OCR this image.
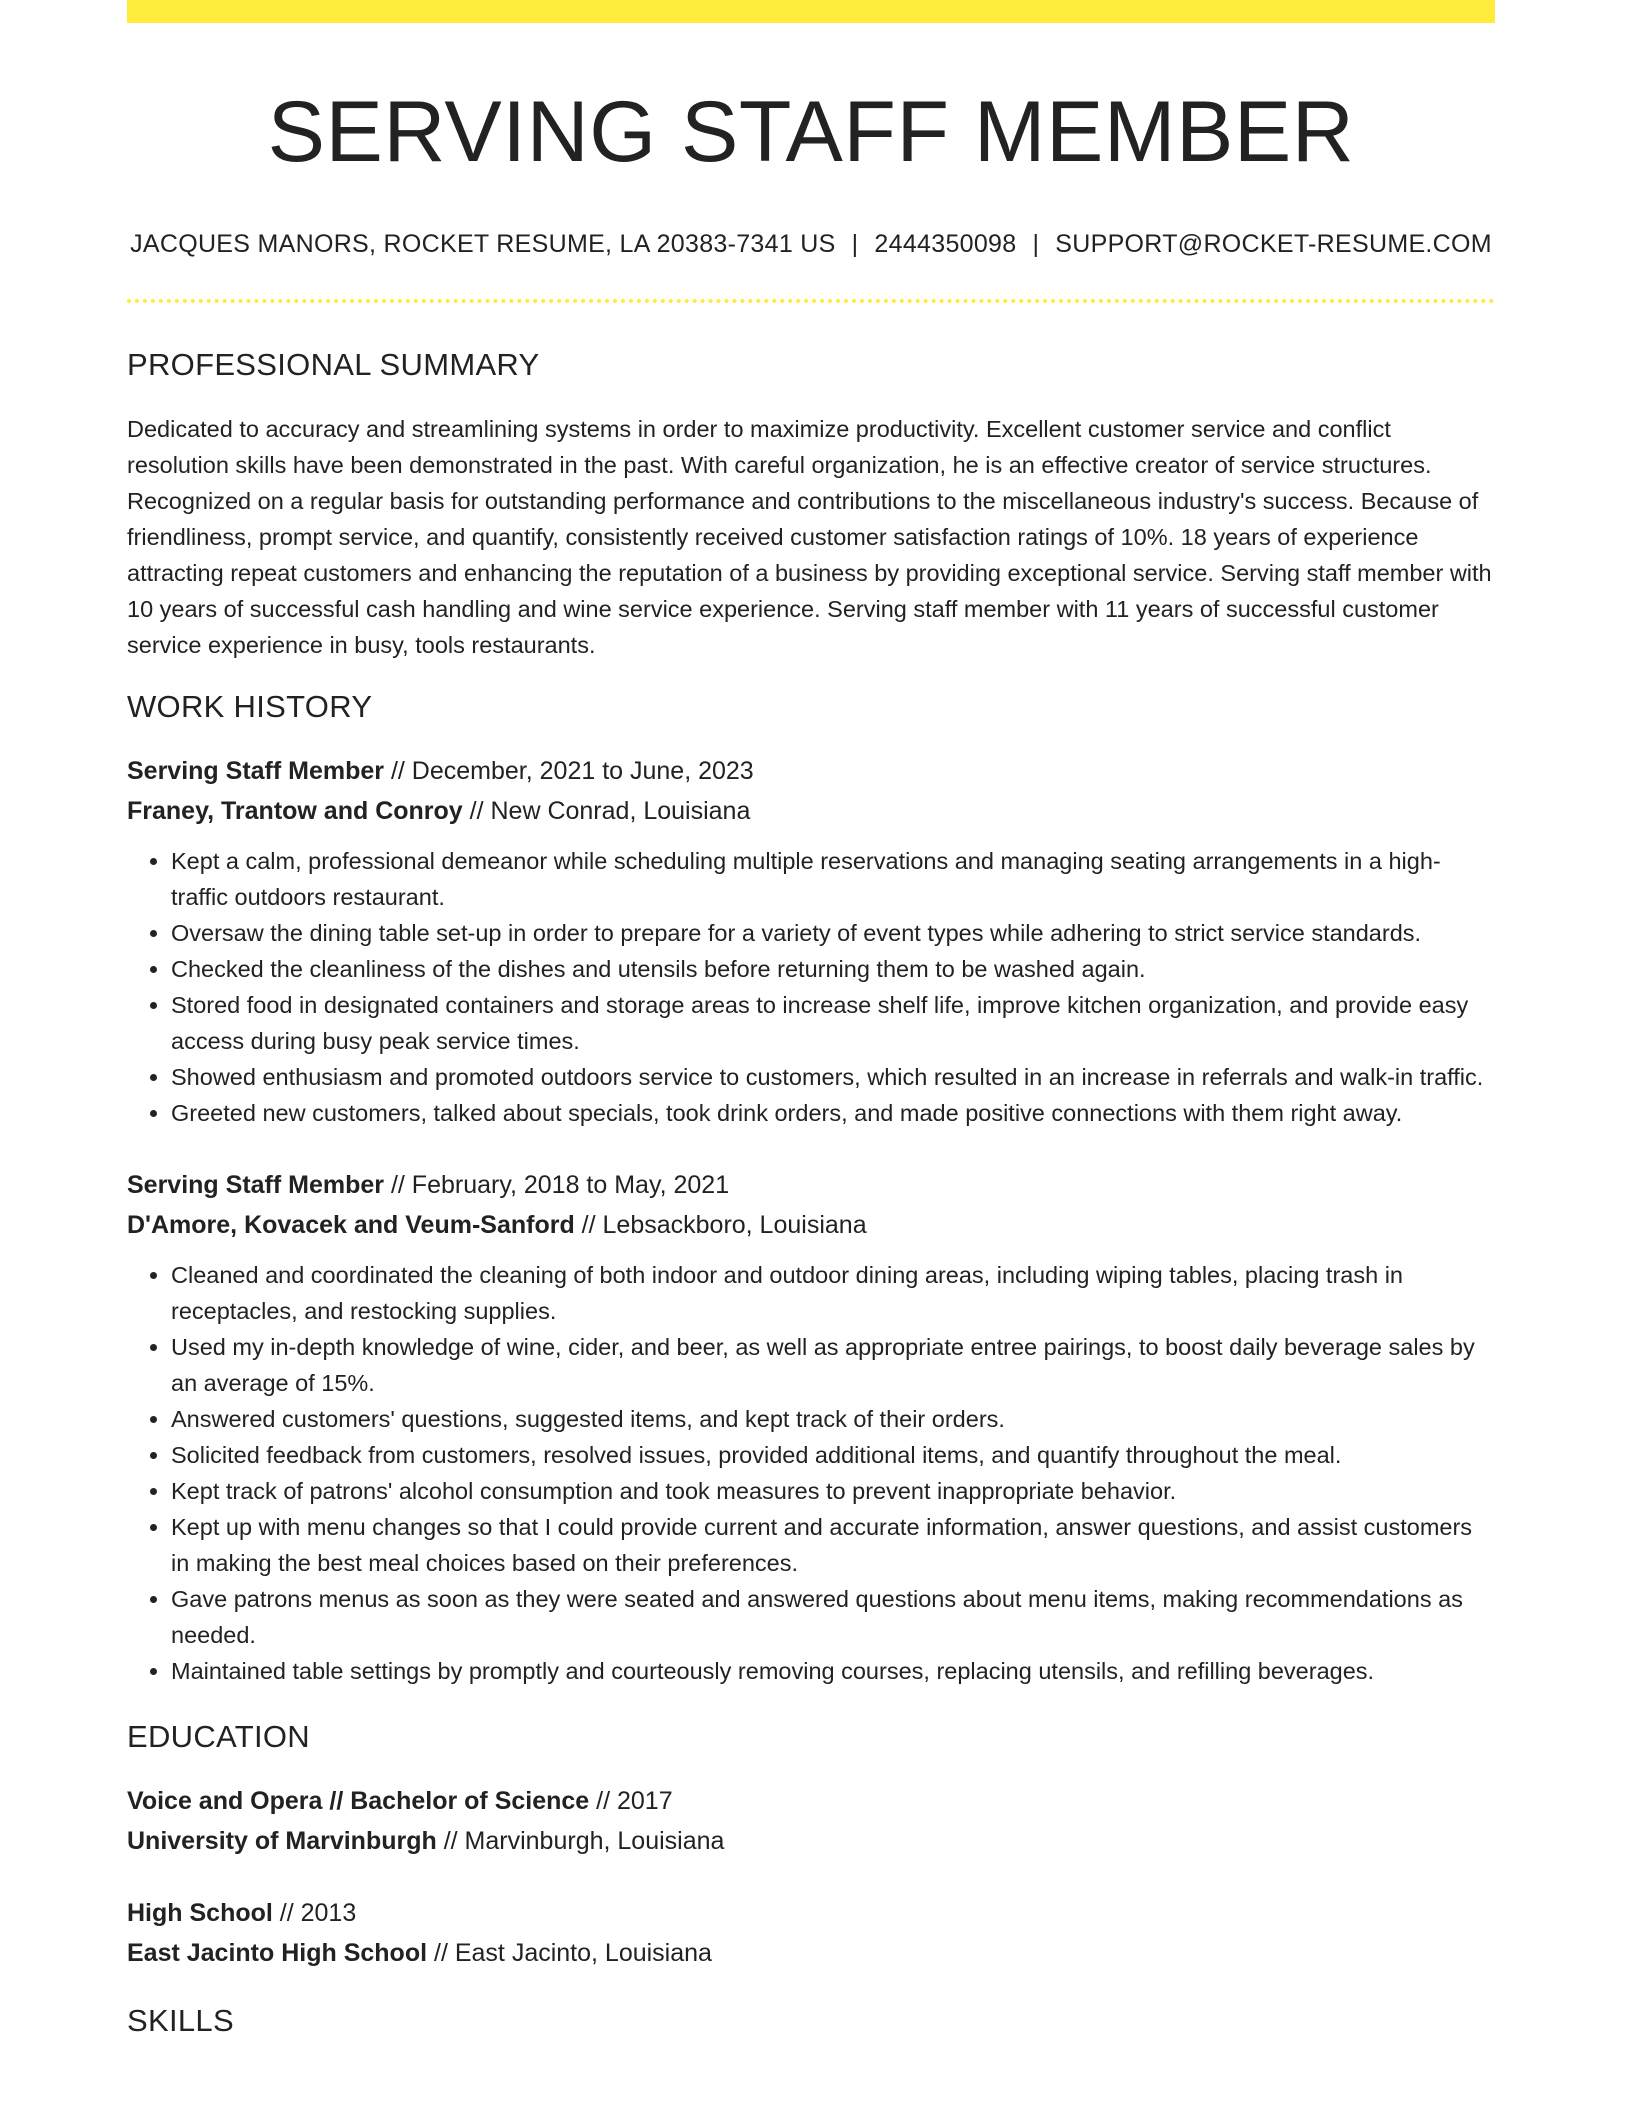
SERVING STAFF MEMBER
JACQUES MANORS, ROCKET RESUME, LA 20383-7341 US | 2444350098 | SUPPORT@ROCKET-RESUME.COM
PROFESSIONAL SUMMARY

Dedicated to accuracy and streamlining systems in order to maximize productivity. Excellent customer service and conflict resolution skills have been demonstrated in the past. With careful organization, he is an effective creator of service structures. Recognized on a regular basis for outstanding performance and contributions to the miscellaneous industry's success. Because of friendliness, prompt service, and quantify, consistently received customer satisfaction ratings of 10%. 18 years of experience attracting repeat customers and enhancing the reputation of a business by providing exceptional service. Serving staff member with 10 years of successful cash handling and wine service experience. Serving staff member with 11 years of successful customer service experience in busy, tools restaurants.

WORK HISTORY
Serving Staff Member // December, 2021 to June, 2023
Franey, Trantow and Conroy // New Conrad, Louisiana
• Kept a calm, professional demeanor while scheduling multiple reservations and managing seating arrangements in a high-traffic outdoors restaurant.
• Oversaw the dining table set-up in order to prepare for a variety of event types while adhering to strict service standards.
• Checked the cleanliness of the dishes and utensils before returning them to be washed again.
• Stored food in designated containers and storage areas to increase shelf life, improve kitchen organization, and provide easy access during busy peak service times.
• Showed enthusiasm and promoted outdoors service to customers, which resulted in an increase in referrals and walk-in traffic.
• Greeted new customers, talked about specials, took drink orders, and made positive connections with them right away.
Serving Staff Member // February, 2018 to May, 2021
D'Amore, Kovacek and Veum-Sanford // Lebsackboro, Louisiana
• Cleaned and coordinated the cleaning of both indoor and outdoor dining areas, including wiping tables, placing trash in receptacles, and restocking supplies.
• Used my in-depth knowledge of wine, cider, and beer, as well as appropriate entree pairings, to boost daily beverage sales by an average of 15%.
• Answered customers' questions, suggested items, and kept track of their orders.
• Solicited feedback from customers, resolved issues, provided additional items, and quantify throughout the meal.
• Kept track of patrons' alcohol consumption and took measures to prevent inappropriate behavior.
• Kept up with menu changes so that I could provide current and accurate information, answer questions, and assist customers in making the best meal choices based on their preferences.
• Gave patrons menus as soon as they were seated and answered questions about menu items, making recommendations as needed.
• Maintained table settings by promptly and courteously removing courses, replacing utensils, and refilling beverages.
EDUCATION
Voice and Opera // Bachelor of Science // 2017
University of Marvinburgh // Marvinburgh, Louisiana
High School // 2013
East Jacinto High School // East Jacinto, Louisiana
SKILLS
